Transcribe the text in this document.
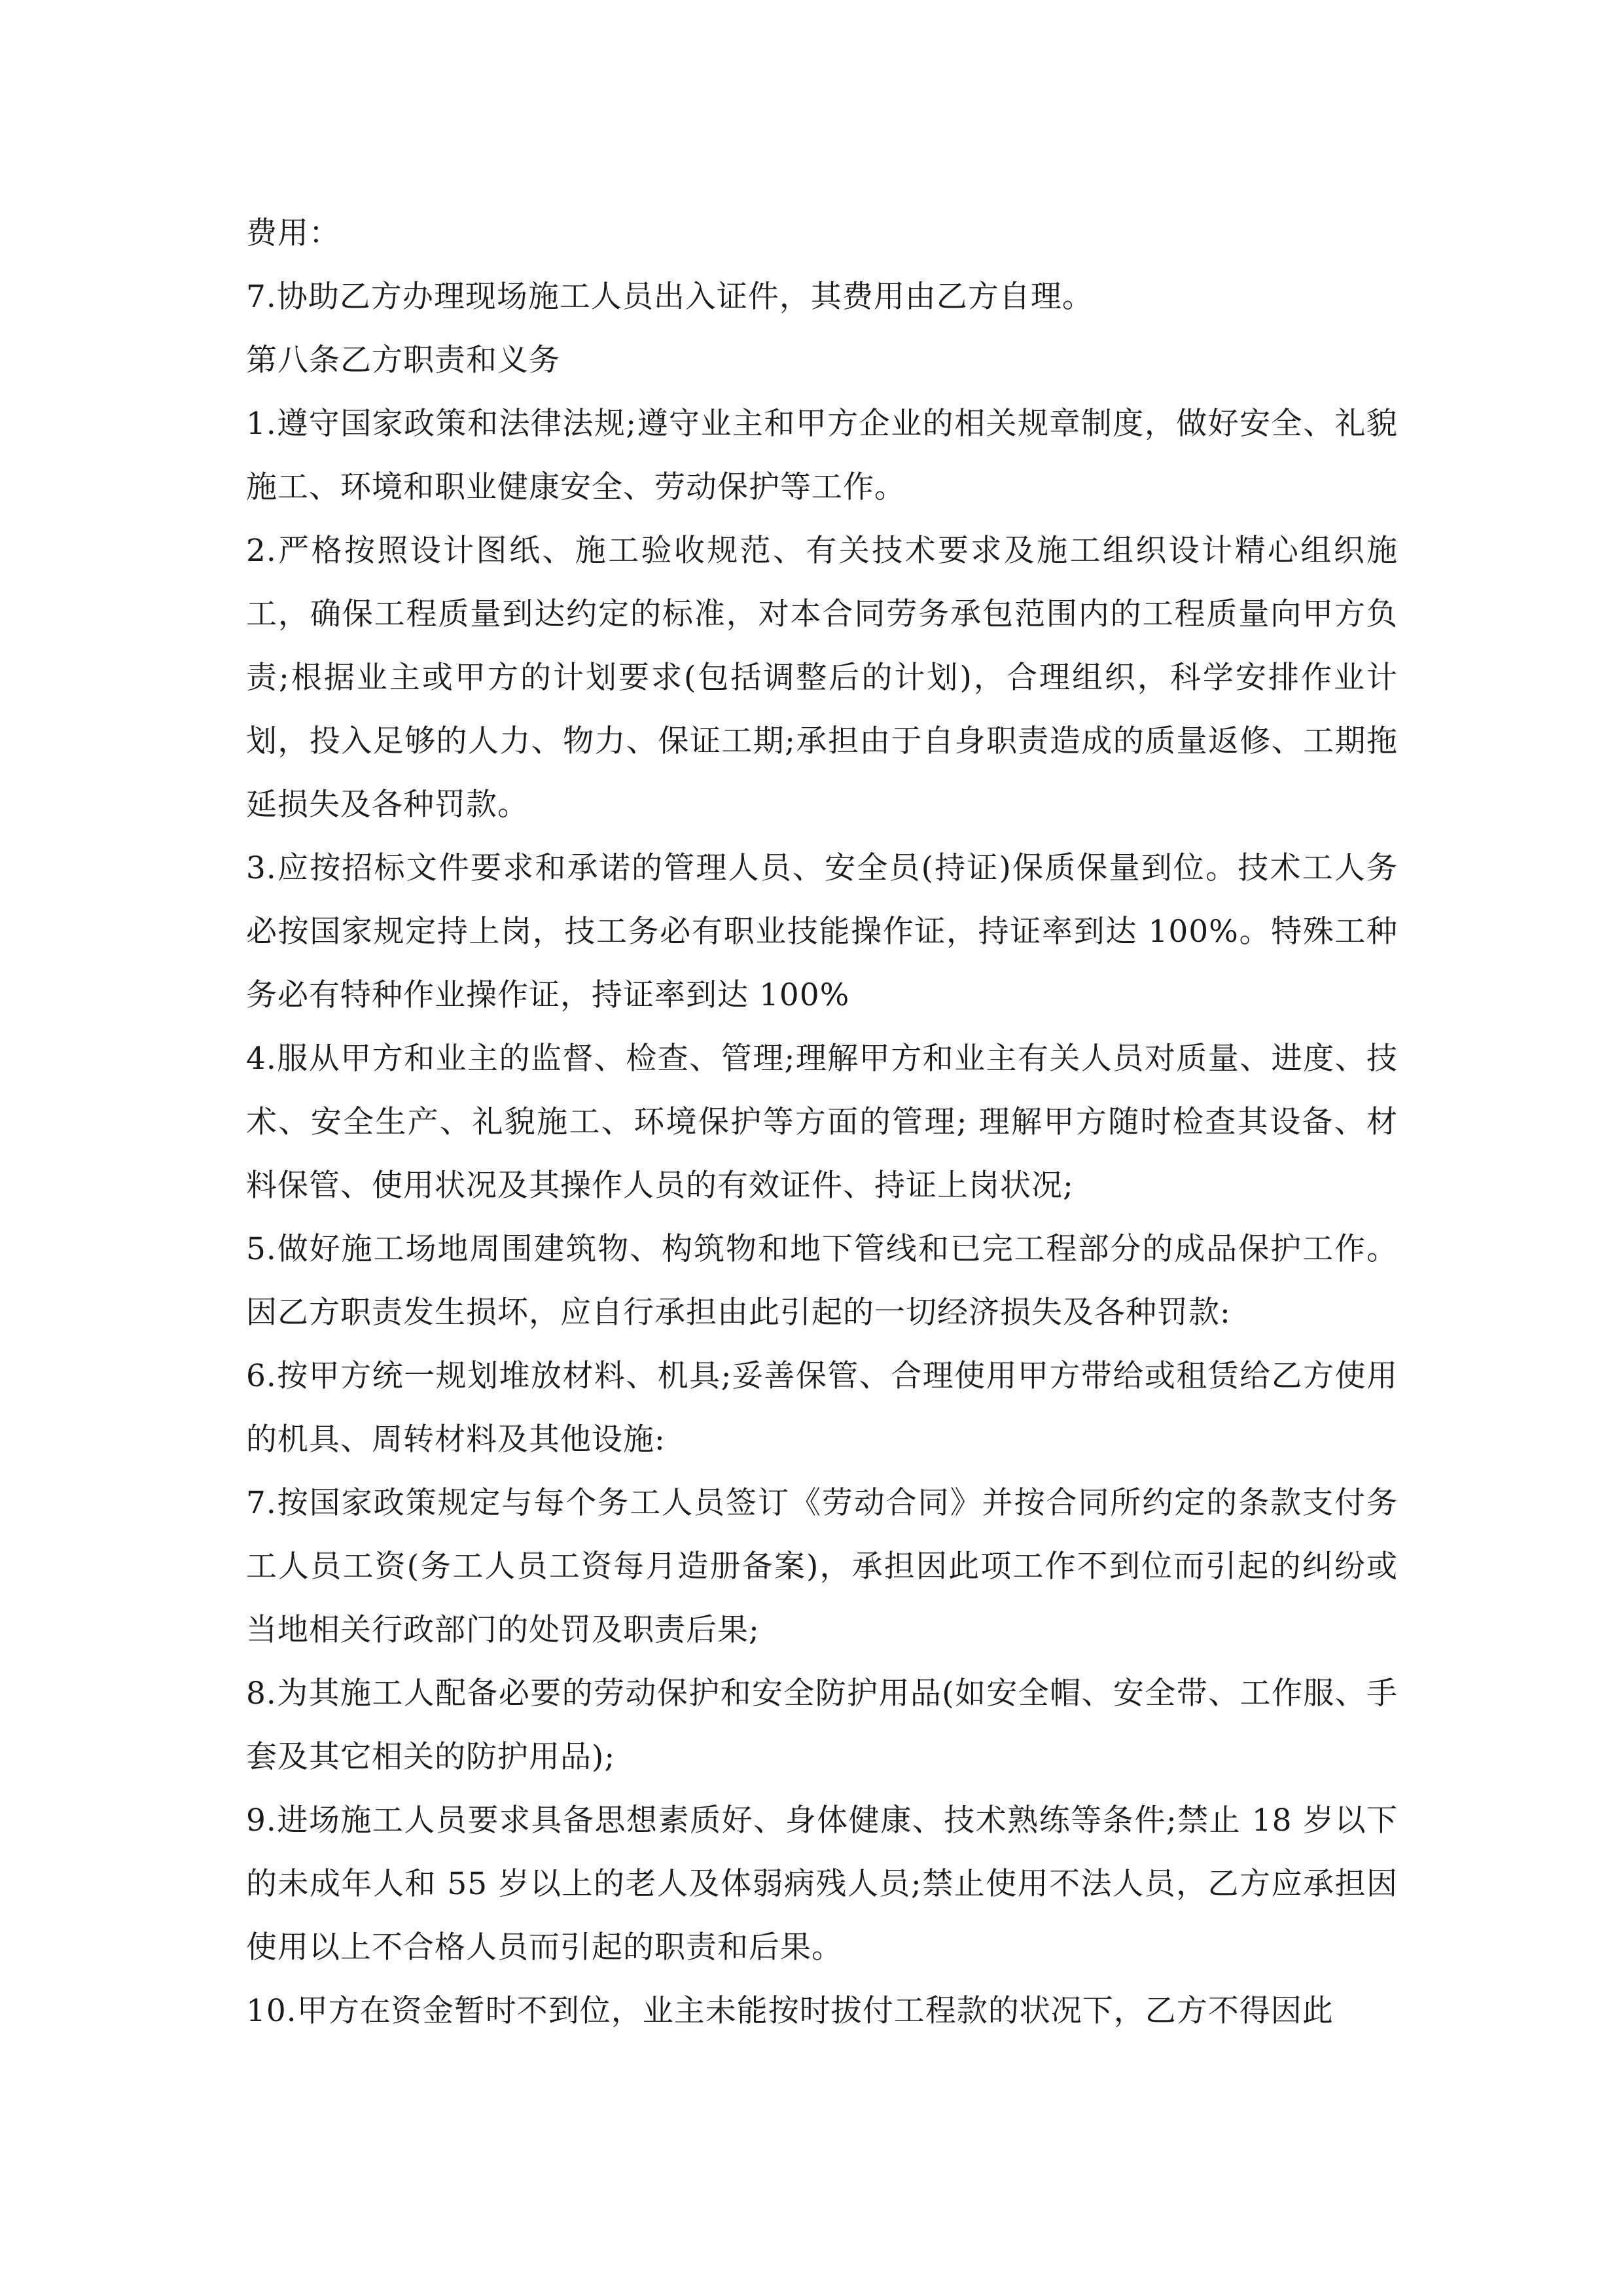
费用：

7.协助乙方办理现场施工人员出入证件，其费用由乙方自理。

第八条乙方职责和义务

1.遵守国家政策和法律法规;遵守业主和甲方企业的相关规章制度，做好安全、礼貌施工、环境和职业健康安全、劳动保护等工作。

2.严格按照设计图纸、施工验收规范、有关技术要求及施工组织设计精心组织施工，确保工程质量到达约定的标准，对本合同劳务承包范围内的工程质量向甲方负责;根据业主或甲方的计划要求(包括调整后的计划)，合理组织，科学安排作业计划，投入足够的人力、物力、保证工期;承担由于自身职责造成的质量返修、工期拖延损失及各种罚款。

3.应按招标文件要求和承诺的管理人员、安全员(持证)保质保量到位。技术工人务必按国家规定持上岗，技工务必有职业技能操作证，持证率到达 100%。特殊工种务必有特种作业操作证，持证率到达 100%

4.服从甲方和业主的监督、检查、管理;理解甲方和业主有关人员对质量、进度、技术、安全生产、礼貌施工、环境保护等方面的管理; 理解甲方随时检查其设备、材料保管、使用状况及其操作人员的有效证件、持证上岗状况;

5.做好施工场地周围建筑物、构筑物和地下管线和已完工程部分的成品保护工作。因乙方职责发生损坏，应自行承担由此引起的一切经济损失及各种罚款:

6.按甲方统一规划堆放材料、机具;妥善保管、合理使用甲方带给或租赁给乙方使用的机具、周转材料及其他设施:

7.按国家政策规定与每个务工人员签订《劳动合同》并按合同所约定的条款支付务工人员工资(务工人员工资每月造册备案)，承担因此项工作不到位而引起的纠纷或当地相关行政部门的处罚及职责后果;

8.为其施工人配备必要的劳动保护和安全防护用品(如安全帽、安全带、工作服、手套及其它相关的防护用品);

9.进场施工人员要求具备思想素质好、身体健康、技术熟练等条件;禁止 18 岁以下的未成年人和 55 岁以上的老人及体弱病残人员;禁止使用不法人员，乙方应承担因使用以上不合格人员而引起的职责和后果。

10.甲方在资金暂时不到位，业主未能按时拔付工程款的状况下，乙方不得因此
